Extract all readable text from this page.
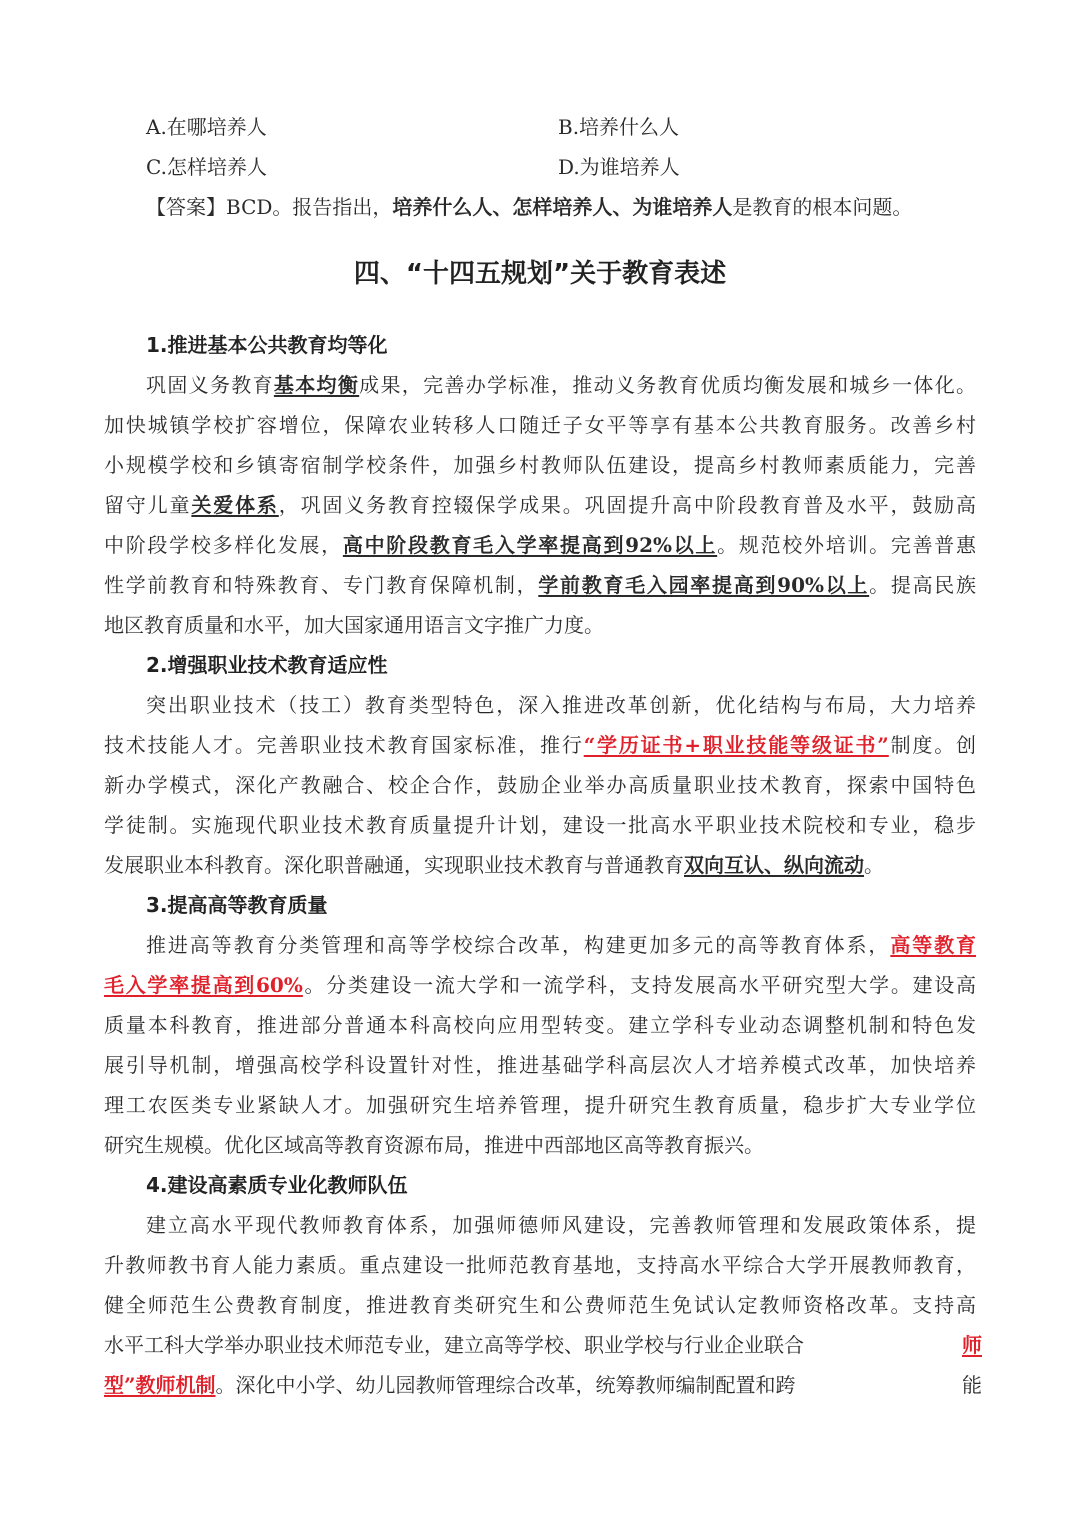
A.在哪培养人	B.培养什么人
C.怎样培养人	D.为谁培养人
【答案】BCD。报告指出，培养什么人、怎样培养人、为谁培养人是教育的根本问题。
四、“十四五规划”关于教育表述
1.推进基本公共教育均等化
巩固义务教育基本均衡成果，完善办学标准，推动义务教育优质均衡发展和城乡一体化。
加快城镇学校扩容增位，保障农业转移人口随迁子女平等享有基本公共教育服务。改善乡村
小规模学校和乡镇寄宿制学校条件，加强乡村教师队伍建设，提高乡村教师素质能力，完善
留守儿童关爱体系，巩固义务教育控辍保学成果。巩固提升高中阶段教育普及水平，鼓励高
中阶段学校多样化发展，高中阶段教育毛入学率提高到92%以上。规范校外培训。完善普惠
性学前教育和特殊教育、专门教育保障机制，学前教育毛入园率提高到90%以上。提高民族
地区教育质量和水平，加大国家通用语言文字推广力度。
2.增强职业技术教育适应性
突出职业技术（技工）教育类型特色，深入推进改革创新，优化结构与布局，大力培养
技术技能人才。完善职业技术教育国家标准，推行“学历证书+职业技能等级证书”制度。创
新办学模式，深化产教融合、校企合作，鼓励企业举办高质量职业技术教育，探索中国特色
学徒制。实施现代职业技术教育质量提升计划，建设一批高水平职业技术院校和专业，稳步
发展职业本科教育。深化职普融通，实现职业技术教育与普通教育双向互认、纵向流动。
3.提高高等教育质量
推进高等教育分类管理和高等学校综合改革，构建更加多元的高等教育体系，高等教育
毛入学率提高到60%。分类建设一流大学和一流学科，支持发展高水平研究型大学。建设高
质量本科教育，推进部分普通本科高校向应用型转变。建立学科专业动态调整机制和特色发
展引导机制，增强高校学科设置针对性，推进基础学科高层次人才培养模式改革，加快培养
理工农医类专业紧缺人才。加强研究生培养管理，提升研究生教育质量，稳步扩大专业学位
研究生规模。优化区域高等教育资源布局，推进中西部地区高等教育振兴。
4.建设高素质专业化教师队伍
建立高水平现代教师教育体系，加强师德师风建设，完善教师管理和发展政策体系，提
升教师教书育人能力素质。重点建设一批师范教育基地，支持高水平综合大学开展教师教育，
健全师范生公费教育制度，推进教育类研究生和公费师范生免试认定教师资格改革。支持高
水平工科大学举办职业技术师范专业，建立高等学校、职业学校与行业企业联合	师
型”教师机制。深化中小学、幼儿园教师管理综合改革，统筹教师编制配置和跨	能
